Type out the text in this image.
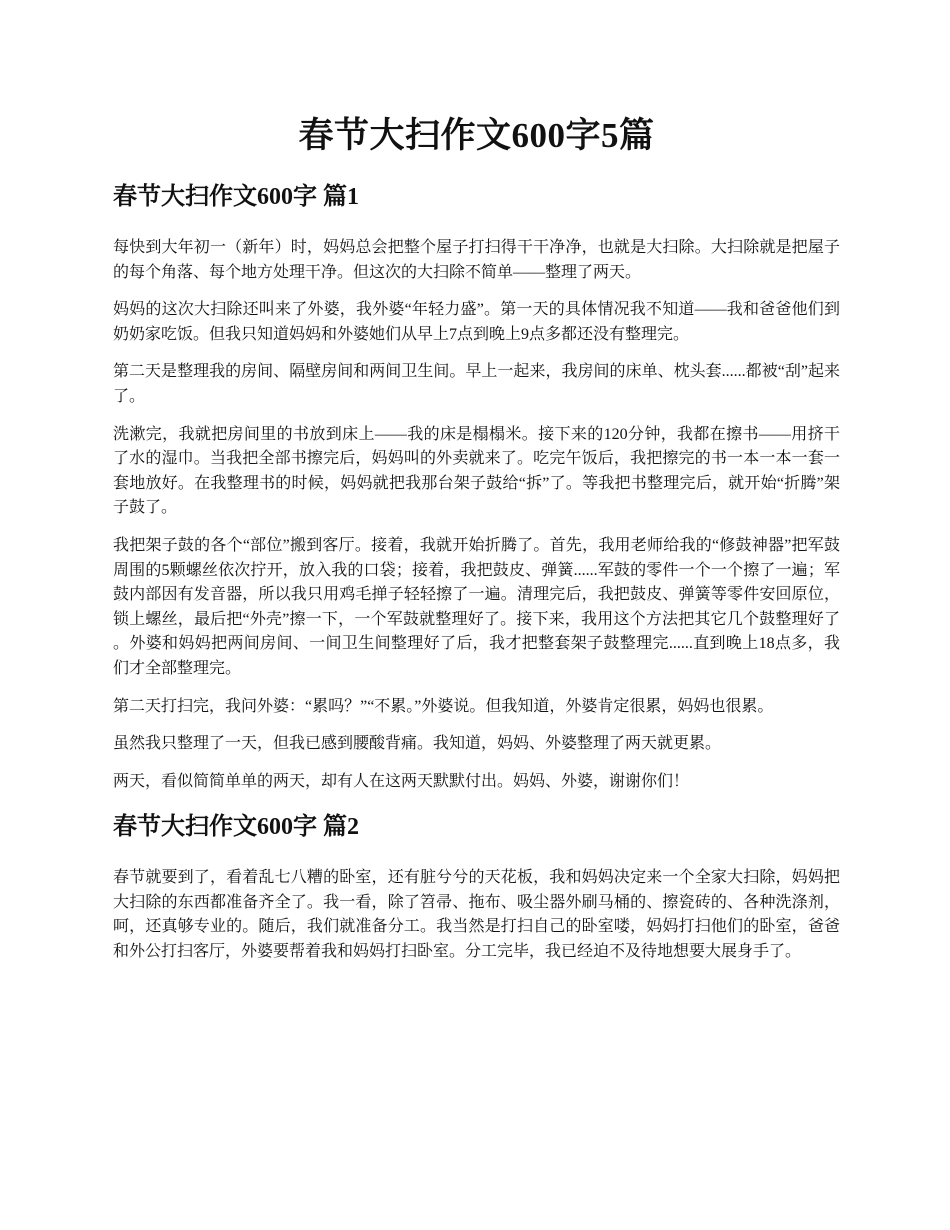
春节大扫作文600字5篇
春节大扫作文600字 篇1

每快到大年初一（新年）时，妈妈总会把整个屋子打扫得干干净净，也就是大扫除。大扫除就是把屋子的每个角落、每个地方处理干净。但这次的大扫除不简单——整理了两天。

妈妈的这次大扫除还叫来了外婆，我外婆“年轻力盛”。第一天的具体情况我不知道——我和爸爸他们到奶奶家吃饭。但我只知道妈妈和外婆她们从早上7点到晚上9点多都还没有整理完。

第二天是整理我的房间、隔壁房间和两间卫生间。早上一起来，我房间的床单、枕头套......都被“刮”起来了。

洗漱完，我就把房间里的书放到床上——我的床是榻榻米。接下来的120分钟，我都在擦书——用挤干了水的湿巾。当我把全部书擦完后，妈妈叫的外卖就来了。吃完午饭后，我把擦完的书一本一本一套一套地放好。在我整理书的时候，妈妈就把我那台架子鼓给“拆”了。等我把书整理完后，就开始“折腾”架子鼓了。

我把架子鼓的各个“部位”搬到客厅。接着，我就开始折腾了。首先，我用老师给我的“修鼓神器”把军鼓周围的5颗螺丝依次拧开，放入我的口袋；接着，我把鼓皮、弹簧......军鼓的零件一个一个擦了一遍；军鼓内部因有发音器，所以我只用鸡毛掸子轻轻擦了一遍。清理完后，我把鼓皮、弹簧等零件安回原位，锁上螺丝，最后把“外壳”擦一下，一个军鼓就整理好了。接下来，我用这个方法把其它几个鼓整理好了。外婆和妈妈把两间房间、一间卫生间整理好了后，我才把整套架子鼓整理完......直到晚上18点多，我们才全部整理完。

第二天打扫完，我问外婆：“累吗？”“不累。”外婆说。但我知道，外婆肯定很累，妈妈也很累。

虽然我只整理了一天，但我已感到腰酸背痛。我知道，妈妈、外婆整理了两天就更累。

两天，看似简简单单的两天，却有人在这两天默默付出。妈妈、外婆，谢谢你们！

春节大扫作文600字 篇2

春节就要到了，看着乱七八糟的卧室，还有脏兮兮的天花板，我和妈妈决定来一个全家大扫除，妈妈把大扫除的东西都准备齐全了。我一看，除了笤帚、拖布、吸尘器外刷马桶的、擦瓷砖的、各种洗涤剂，呵，还真够专业的。随后，我们就准备分工。我当然是打扫自己的卧室喽，妈妈打扫他们的卧室，爸爸和外公打扫客厅，外婆要帮着我和妈妈打扫卧室。分工完毕，我已经迫不及待地想要大展身手了。
